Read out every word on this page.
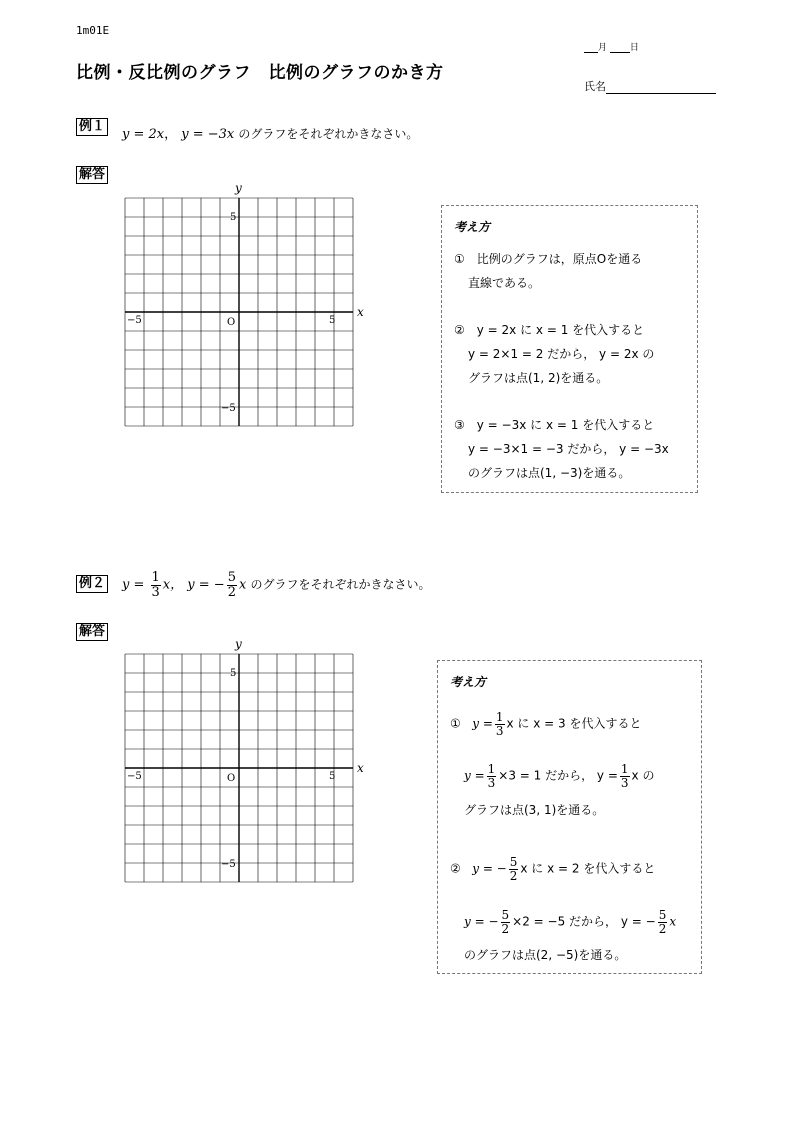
1m01E
比例・反比例のグラフ　比例のグラフのかき方
月	日
氏名
例１
y = 2x， y = −3x のグラフをそれぞれかきなさい。
解答
x
y
O
−5	5
5
−5
考え方
①　比例のグラフは，原点Oを通る
直線である。
②　y = 2x に x = 1 を代入すると
y = 2×1 = 2 だから， y = 2x の
グラフは点(1, 2)を通る。
③　y = −3x に x = 1 を代入すると
y = −3×1 = −3 だから， y = −3x
のグラフは点(1, −3)を通る。
例２ $y = \frac{1}{3}$ x， y = − $\frac{5}{2}$ x のグラフをそれぞれかきなさい。
解答
x
y
O
−5	5
5
−5
考え方
① $y = \frac{1}{3}$ x に x = 3 を代入すると
$y = \frac{1}{3} \times 3 = 1$ だから， $y = \frac{1}{3}$ x の
グラフは点(3, 1)を通る。
② y = − $\frac{5}{2}$ x に x = 2 を代入すると
y = − $\frac{5}{2} \times 2 = -5$ だから， y = − $\frac{5}{2}$ x
のグラフは点(2, −5)を通る。
